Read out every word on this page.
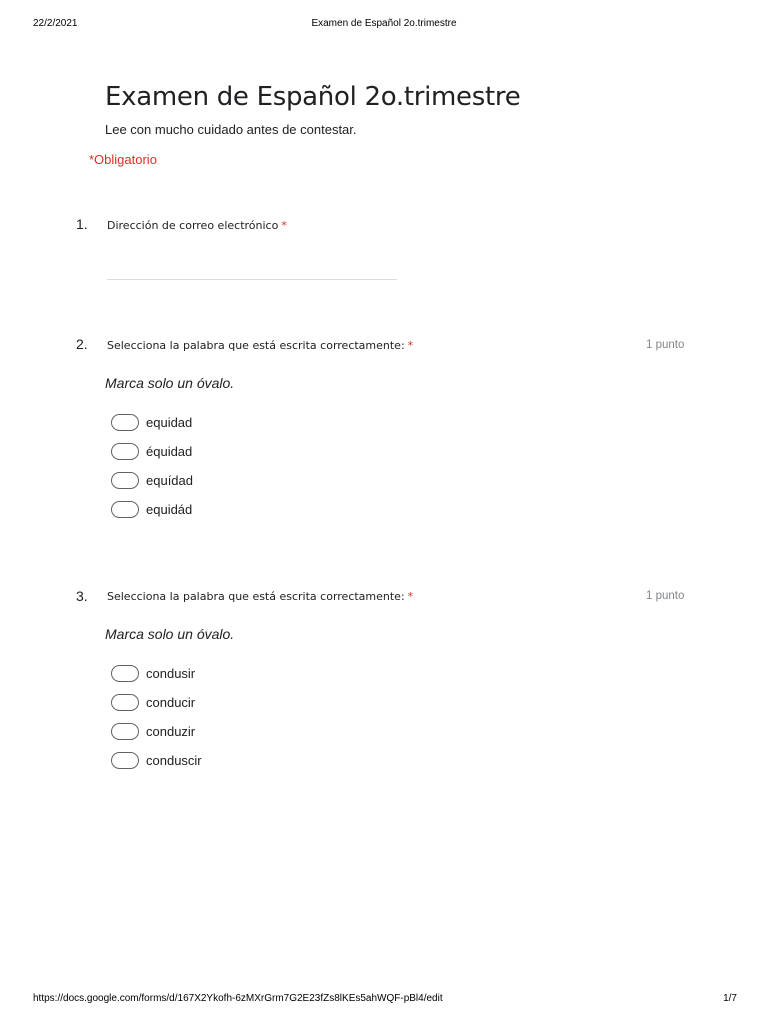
22/2/2021	Examen de Español 2o.trimestre
Examen de Español 2o.trimestre
Lee con mucho cuidado antes de contestar.
*Obligatorio
1. Dirección de correo electrónico *
2. Selecciona la palabra que está escrita correctamente: *	1 punto
Marca solo un óvalo.
equidad
équidad
equídad
equidád
3. Selecciona la palabra que está escrita correctamente: *	1 punto
Marca solo un óvalo.
condusir
conducir
conduzir
conduscir
https://docs.google.com/forms/d/167X2Ykofh-6zMXrGrm7G2E23fZs8lKEs5ahWQF-pBl4/edit	1/7
